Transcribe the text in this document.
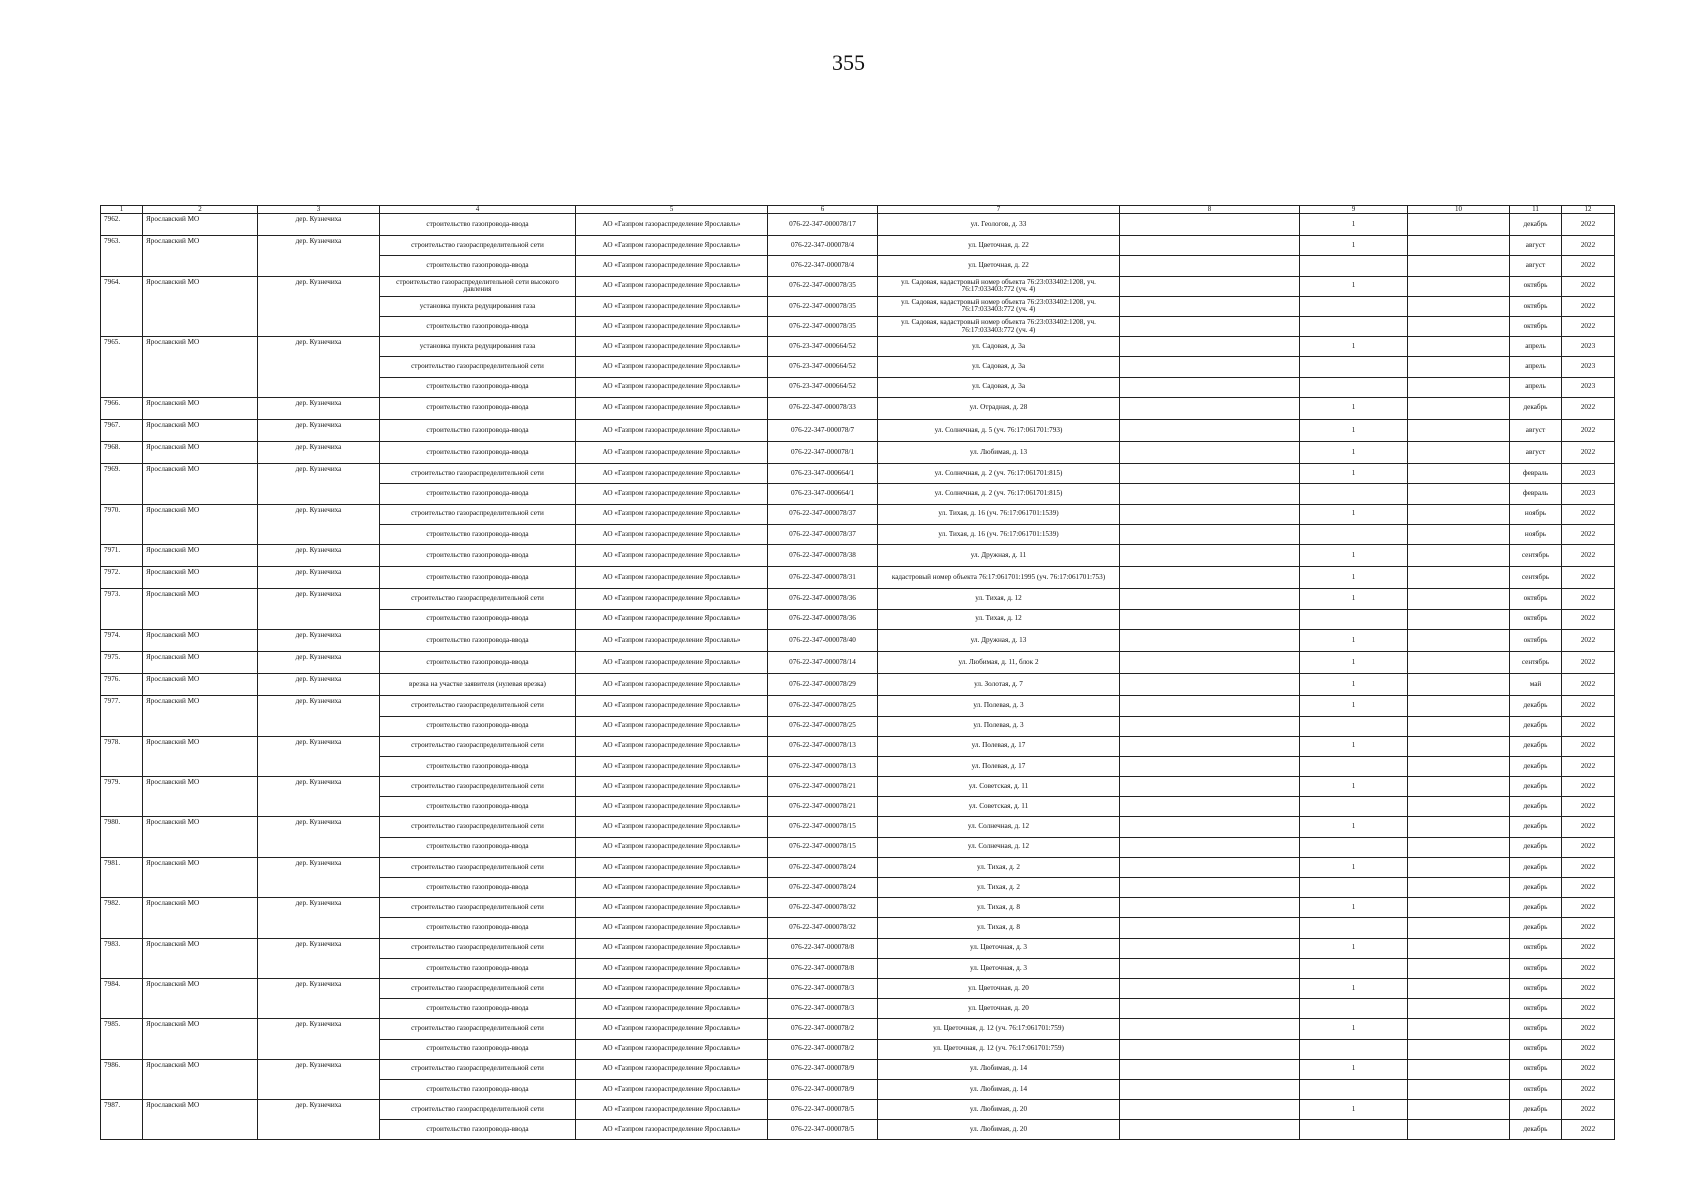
355
1	2	3	4	5	6	7	8	9	10	11	12
7962.	Ярославский МО	дер. Кузнечиха	строительство газопровода-ввода	АО «Газпром газораспределение Ярославль»	076-22-347-000078/17	ул. Геологов, д. 33		1		декабрь	2022
7963.	Ярославский МО	дер. Кузнечиха	строительство газораспределительной сети	АО «Газпром газораспределение Ярославль»	076-22-347-000078/4	ул. Цветочная, д. 22		1		август	2022
			строительство газопровода-ввода	АО «Газпром газораспределение Ярославль»	076-22-347-000078/4	ул. Цветочная, д. 22				август	2022
7964.	Ярославский МО	дер. Кузнечиха	строительство газораспределительной сети высокого давления	АО «Газпром газораспределение Ярославль»	076-22-347-000078/35	ул. Садовая, кадастровый номер объекта 76:23:033402:1208, уч. 76:17:033403:772 (уч. 4)		1		октябрь	2022
			установка пункта редуцирования газа	АО «Газпром газораспределение Ярославль»	076-22-347-000078/35	ул. Садовая, кадастровый номер объекта 76:23:033402:1208, уч. 76:17:033403:772 (уч. 4)				октябрь	2022
			строительство газопровода-ввода	АО «Газпром газораспределение Ярославль»	076-22-347-000078/35	ул. Садовая, кадастровый номер объекта 76:23:033402:1208, уч. 76:17:033403:772 (уч. 4)				октябрь	2022
7965.	Ярославский МО	дер. Кузнечиха	установка пункта редуцирования газа	АО «Газпром газораспределение Ярославль»	076-23-347-000664/52	ул. Садовая, д. 3а		1		апрель	2023
			строительство газораспределительной сети	АО «Газпром газораспределение Ярославль»	076-23-347-000664/52	ул. Садовая, д. 3а				апрель	2023
			строительство газопровода-ввода	АО «Газпром газораспределение Ярославль»	076-23-347-000664/52	ул. Садовая, д. 3а				апрель	2023
7966.	Ярославский МО	дер. Кузнечиха	строительство газопровода-ввода	АО «Газпром газораспределение Ярославль»	076-22-347-000078/33	ул. Отрадная, д. 28		1		декабрь	2022
7967.	Ярославский МО	дер. Кузнечиха	строительство газопровода-ввода	АО «Газпром газораспределение Ярославль»	076-22-347-000078/7	ул. Солнечная, д. 5 (уч. 76:17:061701:793)		1		август	2022
7968.	Ярославский МО	дер. Кузнечиха	строительство газопровода-ввода	АО «Газпром газораспределение Ярославль»	076-22-347-000078/1	ул. Любимая, д. 13		1		август	2022
7969.	Ярославский МО	дер. Кузнечиха	строительство газораспределительной сети	АО «Газпром газораспределение Ярославль»	076-23-347-000664/1	ул. Солнечная, д. 2 (уч. 76:17:061701:815)		1		февраль	2023
			строительство газопровода-ввода	АО «Газпром газораспределение Ярославль»	076-23-347-000664/1	ул. Солнечная, д. 2 (уч. 76:17:061701:815)				февраль	2023
7970.	Ярославский МО	дер. Кузнечиха	строительство газораспределительной сети	АО «Газпром газораспределение Ярославль»	076-22-347-000078/37	ул. Тихая, д. 16 (уч. 76:17:061701:1539)		1		ноябрь	2022
			строительство газопровода-ввода	АО «Газпром газораспределение Ярославль»	076-22-347-000078/37	ул. Тихая, д. 16 (уч. 76:17:061701:1539)				ноябрь	2022
7971.	Ярославский МО	дер. Кузнечиха	строительство газопровода-ввода	АО «Газпром газораспределение Ярославль»	076-22-347-000078/38	ул. Дружная, д. 11		1		сентябрь	2022
7972.	Ярославский МО	дер. Кузнечиха	строительство газопровода-ввода	АО «Газпром газораспределение Ярославль»	076-22-347-000078/31	кадастровый номер объекта 76:17:061701:1995 (уч. 76:17:061701:753)		1		сентябрь	2022
7973.	Ярославский МО	дер. Кузнечиха	строительство газораспределительной сети	АО «Газпром газораспределение Ярославль»	076-22-347-000078/36	ул. Тихая, д. 12		1		октябрь	2022
			строительство газопровода-ввода	АО «Газпром газораспределение Ярославль»	076-22-347-000078/36	ул. Тихая, д. 12				октябрь	2022
7974.	Ярославский МО	дер. Кузнечиха	строительство газопровода-ввода	АО «Газпром газораспределение Ярославль»	076-22-347-000078/40	ул. Дружная, д. 13		1		октябрь	2022
7975.	Ярославский МО	дер. Кузнечиха	строительство газопровода-ввода	АО «Газпром газораспределение Ярославль»	076-22-347-000078/14	ул. Любимая, д. 11, блок 2		1		сентябрь	2022
7976.	Ярославский МО	дер. Кузнечиха	врезка на участке заявителя (нулевая врезка)	АО «Газпром газораспределение Ярославль»	076-22-347-000078/29	ул. Золотая, д. 7		1		май	2022
7977.	Ярославский МО	дер. Кузнечиха	строительство газораспределительной сети	АО «Газпром газораспределение Ярославль»	076-22-347-000078/25	ул. Полевая, д. 3		1		декабрь	2022
			строительство газопровода-ввода	АО «Газпром газораспределение Ярославль»	076-22-347-000078/25	ул. Полевая, д. 3				декабрь	2022
7978.	Ярославский МО	дер. Кузнечиха	строительство газораспределительной сети	АО «Газпром газораспределение Ярославль»	076-22-347-000078/13	ул. Полевая, д. 17		1		декабрь	2022
			строительство газопровода-ввода	АО «Газпром газораспределение Ярославль»	076-22-347-000078/13	ул. Полевая, д. 17				декабрь	2022
7979.	Ярославский МО	дер. Кузнечиха	строительство газораспределительной сети	АО «Газпром газораспределение Ярославль»	076-22-347-000078/21	ул. Советская, д. 11		1		декабрь	2022
			строительство газопровода-ввода	АО «Газпром газораспределение Ярославль»	076-22-347-000078/21	ул. Советская, д. 11				декабрь	2022
7980.	Ярославский МО	дер. Кузнечиха	строительство газораспределительной сети	АО «Газпром газораспределение Ярославль»	076-22-347-000078/15	ул. Солнечная, д. 12		1		декабрь	2022
			строительство газопровода-ввода	АО «Газпром газораспределение Ярославль»	076-22-347-000078/15	ул. Солнечная, д. 12				декабрь	2022
7981.	Ярославский МО	дер. Кузнечиха	строительство газораспределительной сети	АО «Газпром газораспределение Ярославль»	076-22-347-000078/24	ул. Тихая, д. 2		1		декабрь	2022
			строительство газопровода-ввода	АО «Газпром газораспределение Ярославль»	076-22-347-000078/24	ул. Тихая, д. 2				декабрь	2022
7982.	Ярославский МО	дер. Кузнечиха	строительство газораспределительной сети	АО «Газпром газораспределение Ярославль»	076-22-347-000078/32	ул. Тихая, д. 8		1		декабрь	2022
			строительство газопровода-ввода	АО «Газпром газораспределение Ярославль»	076-22-347-000078/32	ул. Тихая, д. 8				декабрь	2022
7983.	Ярославский МО	дер. Кузнечиха	строительство газораспределительной сети	АО «Газпром газораспределение Ярославль»	076-22-347-000078/8	ул. Цветочная, д. 3		1		октябрь	2022
			строительство газопровода-ввода	АО «Газпром газораспределение Ярославль»	076-22-347-000078/8	ул. Цветочная, д. 3				октябрь	2022
7984.	Ярославский МО	дер. Кузнечиха	строительство газораспределительной сети	АО «Газпром газораспределение Ярославль»	076-22-347-000078/3	ул. Цветочная, д. 20		1		октябрь	2022
			строительство газопровода-ввода	АО «Газпром газораспределение Ярославль»	076-22-347-000078/3	ул. Цветочная, д. 20				октябрь	2022
7985.	Ярославский МО	дер. Кузнечиха	строительство газораспределительной сети	АО «Газпром газораспределение Ярославль»	076-22-347-000078/2	ул. Цветочная, д. 12 (уч. 76:17:061701:759)		1		октябрь	2022
			строительство газопровода-ввода	АО «Газпром газораспределение Ярославль»	076-22-347-000078/2	ул. Цветочная, д. 12 (уч. 76:17:061701:759)				октябрь	2022
7986.	Ярославский МО	дер. Кузнечиха	строительство газораспределительной сети	АО «Газпром газораспределение Ярославль»	076-22-347-000078/9	ул. Любимая, д. 14		1		октябрь	2022
			строительство газопровода-ввода	АО «Газпром газораспределение Ярославль»	076-22-347-000078/9	ул. Любимая, д. 14				октябрь	2022
7987.	Ярославский МО	дер. Кузнечиха	строительство газораспределительной сети	АО «Газпром газораспределение Ярославль»	076-22-347-000078/5	ул. Любимая, д. 20		1		декабрь	2022
			строительство газопровода-ввода	АО «Газпром газораспределение Ярославль»	076-22-347-000078/5	ул. Любимая, д. 20				декабрь	2022
